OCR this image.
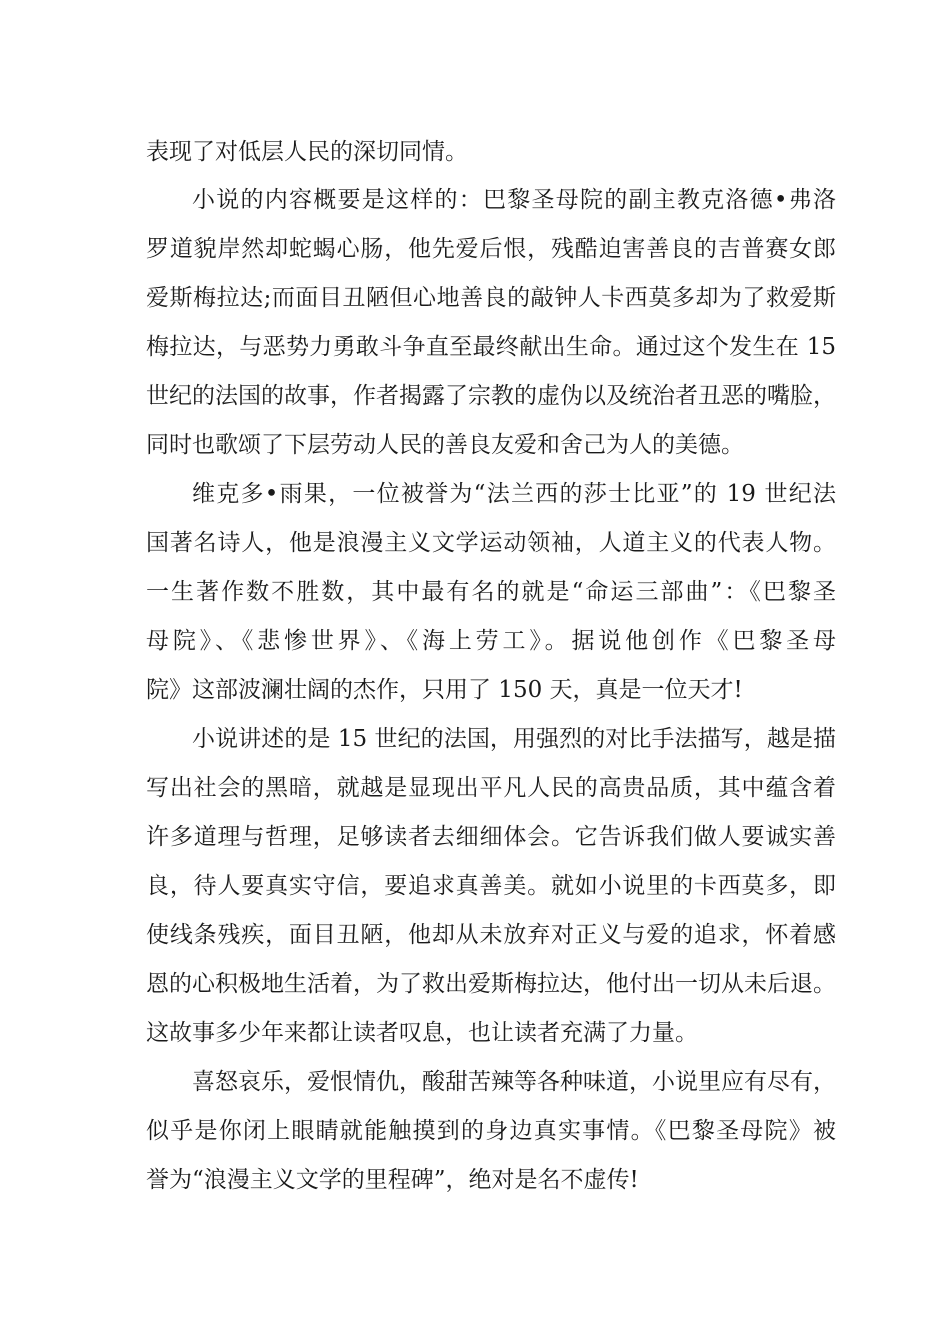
表现了对低层人民的深切同情。
小说的内容概要是这样的：巴黎圣母院的副主教克洛德•弗洛
罗道貌岸然却蛇蝎心肠，他先爱后恨，残酷迫害善良的吉普赛女郎
爱斯梅拉达;而面目丑陋但心地善良的敲钟人卡西莫多却为了救爱斯
梅拉达，与恶势力勇敢斗争直至最终献出生命。通过这个发生在 15
世纪的法国的故事，作者揭露了宗教的虚伪以及统治者丑恶的嘴脸，
同时也歌颂了下层劳动人民的善良友爱和舍己为人的美德。
维克多•雨果，一位被誉为“法兰西的莎士比亚”的 19 世纪法
国著名诗人，他是浪漫主义文学运动领袖，人道主义的代表人物。
一生著作数不胜数，其中最有名的就是“命运三部曲”：《巴黎圣
母院》、《悲惨世界》、《海上劳工》。据说他创作《巴黎圣母
院》这部波澜壮阔的杰作，只用了 150 天，真是一位天才!
小说讲述的是 15 世纪的法国，用强烈的对比手法描写，越是描
写出社会的黑暗，就越是显现出平凡人民的高贵品质，其中蕴含着
许多道理与哲理，足够读者去细细体会。它告诉我们做人要诚实善
良，待人要真实守信，要追求真善美。就如小说里的卡西莫多，即
使线条残疾，面目丑陋，他却从未放弃对正义与爱的追求，怀着感
恩的心积极地生活着，为了救出爱斯梅拉达，他付出一切从未后退。
这故事多少年来都让读者叹息，也让读者充满了力量。
喜怒哀乐，爱恨情仇，酸甜苦辣等各种味道，小说里应有尽有，
似乎是你闭上眼睛就能触摸到的身边真实事情。《巴黎圣母院》被
誉为“浪漫主义文学的里程碑”，绝对是名不虚传!
